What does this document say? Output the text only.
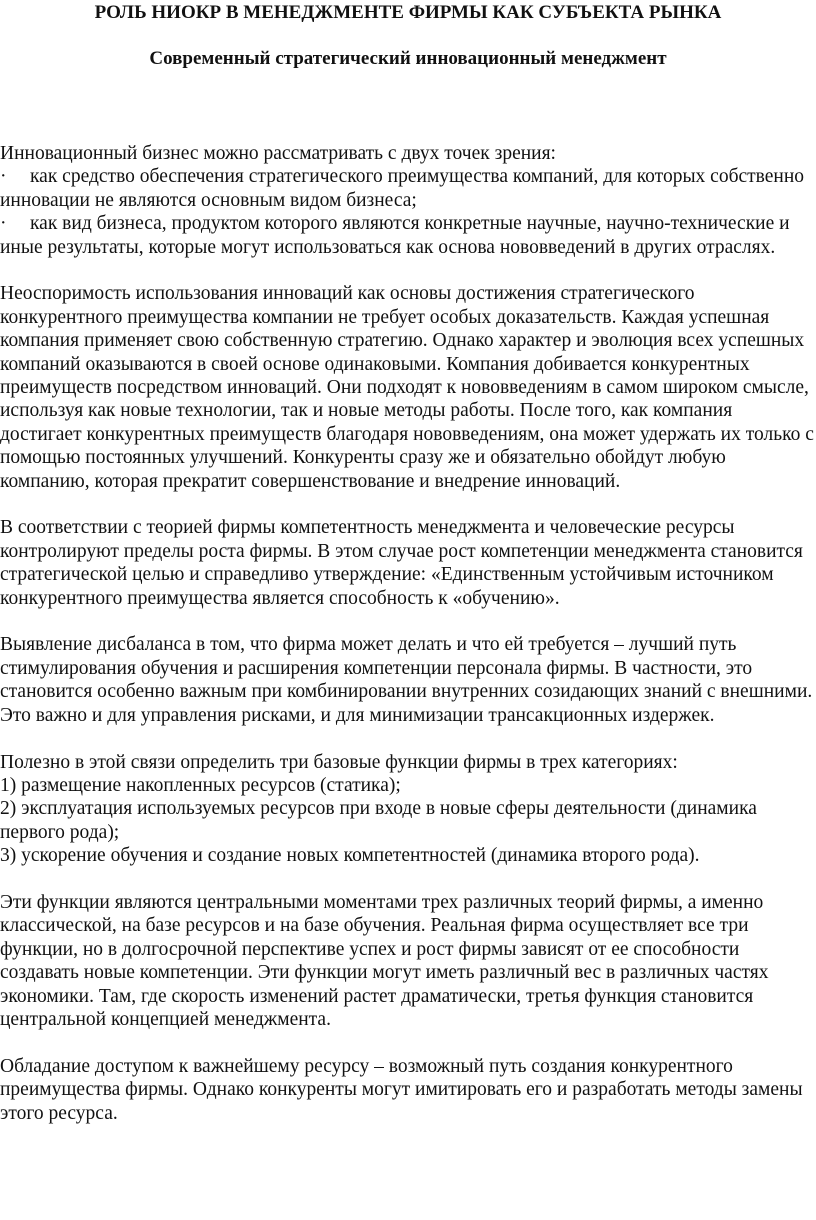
РОЛЬ НИОКР В МЕНЕДЖМЕНТЕ ФИРМЫ КАК СУБЪЕКТА РЫНКА
Современный стратегический инновационный менеджмент

Инновационный бизнес можно рассматривать с двух точек зрения:

· как средство обеспечения стратегического преимущества компаний, для которых собственно инновации не являются основным видом бизнеса;

· как вид бизнеса, продуктом которого являются конкретные научные, научно-технические и иные результаты, которые могут использоваться как основа нововведений в других отраслях.

Неоспоримость использования инноваций как основы достижения стратегического конкурентного преимущества компании не требует особых доказательств. Каждая успешная компания применяет свою собственную стратегию. Однако характер и эволюция всех успешных компаний оказываются в своей основе одинаковыми. Компания добивается конкурентных преимуществ посредством инноваций. Они подходят к нововведениям в самом широком смысле, используя как новые технологии, так и новые методы работы. После того, как компания достигает конкурентных преимуществ благодаря нововведениям, она может удержать их только с помощью постоянных улучшений. Конкуренты сразу же и обязательно обойдут любую компанию, которая прекратит совершенствование и внедрение инноваций.

В соответствии с теорией фирмы компетентность менеджмента и человеческие ресурсы контролируют пределы роста фирмы. В этом случае рост компетенции менеджмента становится стратегической целью и справедливо утверждение: «Единственным устойчивым источником конкурентного преимущества является способность к «обучению».

Выявление дисбаланса в том, что фирма может делать и что ей требуется – лучший путь стимулирования обучения и расширения компетенции персонала фирмы. В частности, это становится особенно важным при комбинировании внутренних созидающих знаний с внешними. Это важно и для управления рисками, и для минимизации трансакционных издержек.

Полезно в этой связи определить три базовые функции фирмы в трех категориях:

1) размещение накопленных ресурсов (статика);

2) эксплуатация используемых ресурсов при входе в новые сферы деятельности (динамика первого рода);

3) ускорение обучения и создание новых компетентностей (динамика второго рода).

Эти функции являются центральными моментами трех различных теорий фирмы, а именно классической, на базе ресурсов и на базе обучения. Реальная фирма осуществляет все три функции, но в долгосрочной перспективе успех и рост фирмы зависят от ее способности создавать новые компетенции. Эти функции могут иметь различный вес в различных частях экономики. Там, где скорость изменений растет драматически, третья функция становится центральной концепцией менеджмента.

Обладание доступом к важнейшему ресурсу – возможный путь создания конкурентного преимущества фирмы. Однако конкуренты могут имитировать его и разработать методы замены этого ресурса.
